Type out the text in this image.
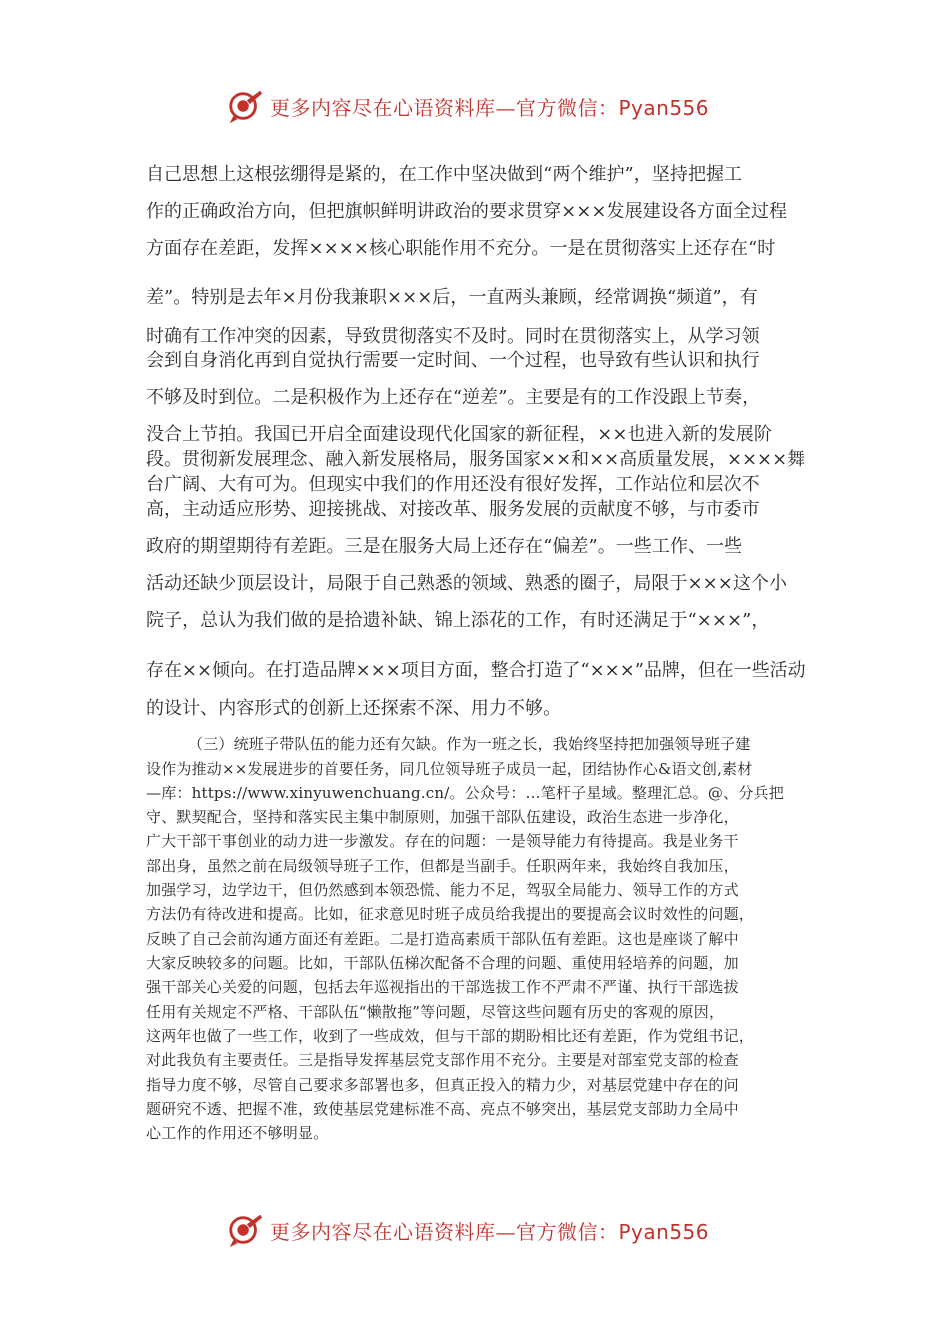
更多内容尽在心语资料库—官方微信：Pyan556

自己思想上这根弦绷得是紧的，在工作中坚决做到“两个维护”，坚持把握工

作的正确政治方向，但把旗帜鲜明讲政治的要求贯穿×××发展建设各方面全过程

方面存在差距，发挥××××核心职能作用不充分。一是在贯彻落实上还存在“时

差”。特别是去年×月份我兼职×××后，一直两头兼顾，经常调换“频道”，有

时确有工作冲突的因素，导致贯彻落实不及时。同时在贯彻落实上，从学习领

会到自身消化再到自觉执行需要一定时间、一个过程，也导致有些认识和执行

不够及时到位。二是积极作为上还存在“逆差”。主要是有的工作没跟上节奏，

没合上节拍。我国已开启全面建设现代化国家的新征程，××也进入新的发展阶

段。贯彻新发展理念、融入新发展格局，服务国家××和××高质量发展，××××舞

台广阔、大有可为。但现实中我们的作用还没有很好发挥，工作站位和层次不

高，主动适应形势、迎接挑战、对接改革、服务发展的贡献度不够，与市委市

政府的期望期待有差距。三是在服务大局上还存在“偏差”。一些工作、一些

活动还缺少顶层设计，局限于自己熟悉的领域、熟悉的圈子，局限于×××这个小

院子，总认为我们做的是拾遗补缺、锦上添花的工作，有时还满足于“×××”，

存在××倾向。在打造品牌×××项目方面，整合打造了“×××”品牌，但在一些活动

的设计、内容形式的创新上还探索不深、用力不够。

（三）统班子带队伍的能力还有欠缺。作为一班之长，我始终坚持把加强领导班子建

设作为推动××发展进步的首要任务，同几位领导班子成员一起，团结协作心&语文创,素材

—库：https://www.xinyuwenchuang.cn/。公众号：…笔杆子星域。整理汇总。@、分兵把

守、默契配合，坚持和落实民主集中制原则，加强干部队伍建设，政治生态进一步净化，

广大干部干事创业的动力进一步激发。存在的问题：一是领导能力有待提高。我是业务干

部出身，虽然之前在局级领导班子工作，但都是当副手。任职两年来，我始终自我加压，

加强学习，边学边干，但仍然感到本领恐慌、能力不足，驾驭全局能力、领导工作的方式

方法仍有待改进和提高。比如，征求意见时班子成员给我提出的要提高会议时效性的问题，

反映了自己会前沟通方面还有差距。二是打造高素质干部队伍有差距。这也是座谈了解中

大家反映较多的问题。比如，干部队伍梯次配备不合理的问题、重使用轻培养的问题，加

强干部关心关爱的问题，包括去年巡视指出的干部选拔工作不严肃不严谨、执行干部选拔

任用有关规定不严格、干部队伍“懒散拖”等问题，尽管这些问题有历史的客观的原因，

这两年也做了一些工作，收到了一些成效，但与干部的期盼相比还有差距，作为党组书记，

对此我负有主要责任。三是指导发挥基层党支部作用不充分。主要是对部室党支部的检查

指导力度不够，尽管自己要求多部署也多，但真正投入的精力少，对基层党建中存在的问

题研究不透、把握不准，致使基层党建标准不高、亮点不够突出，基层党支部助力全局中

心工作的作用还不够明显。

更多内容尽在心语资料库—官方微信：Pyan556
